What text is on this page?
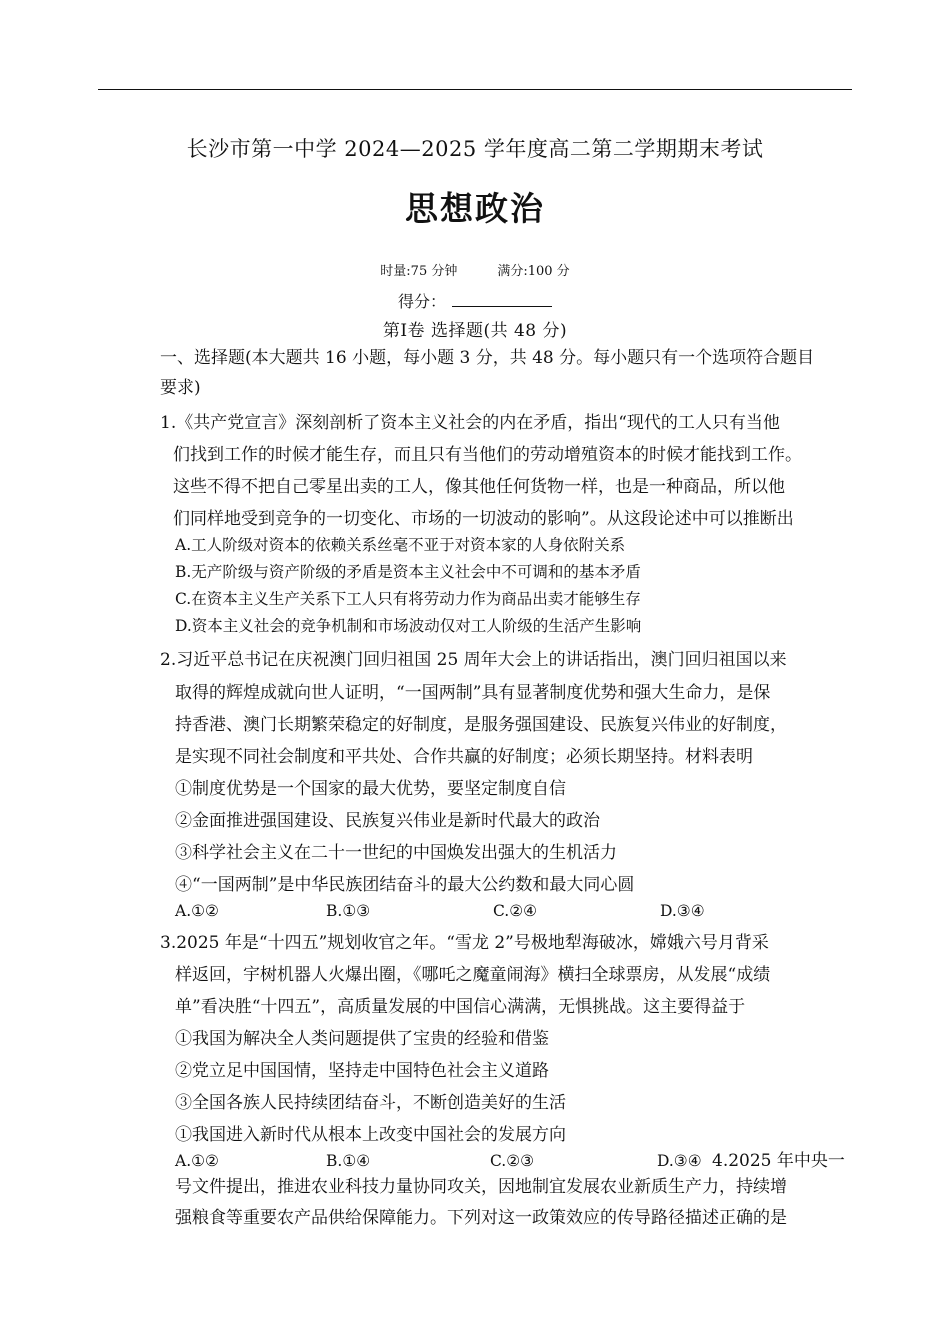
长沙市第一中学 2024—2025 学年度高二第二学期期末考试
思想政治
时量:75 分钟	满分:100 分
得分：
第Ⅰ卷 选择题(共 48 分)
一、选择题(本大题共 16 小题，每小题 3 分，共 48 分。每小题只有一个选项符合题目
要求)
1.《共产党宣言》深刻剖析了资本主义社会的内在矛盾，指出“现代的工人只有当他
们找到工作的时候才能生存，而且只有当他们的劳动增殖资本的时候才能找到工作。
这些不得不把自己零星出卖的工人，像其他任何货物一样，也是一种商品，所以他
们同样地受到竞争的一切变化、市场的一切波动的影响”。从这段论述中可以推断出
A.工人阶级对资本的依赖关系丝毫不亚于对资本家的人身依附关系
B.无产阶级与资产阶级的矛盾是资本主义社会中不可调和的基本矛盾
C.在资本主义生产关系下工人只有将劳动力作为商品出卖才能够生存
D.资本主义社会的竞争机制和市场波动仅对工人阶级的生活产生影响
2.习近平总书记在庆祝澳门回归祖国 25 周年大会上的讲话指出，澳门回归祖国以来
取得的辉煌成就向世人证明，“一国两制”具有显著制度优势和强大生命力，是保
持香港、澳门长期繁荣稳定的好制度，是服务强国建设、民族复兴伟业的好制度，
是实现不同社会制度和平共处、合作共赢的好制度；必须长期坚持。材料表明
①制度优势是一个国家的最大优势，要坚定制度自信
②金面推进强国建设、民族复兴伟业是新时代最大的政治
③科学社会主义在二十一世纪的中国焕发出强大的生机活力
④“一国两制”是中华民族团结奋斗的最大公约数和最大同心圆
A.①②	B.①③	C.②④	D.③④
3.2025 年是“十四五”规划收官之年。“雪龙 2”号极地犁海破冰，嫦娥六号月背采
样返回，宇树机器人火爆出圈，《哪吒之魔童闹海》横扫全球票房，从发展“成绩
单”看决胜“十四五”，高质量发展的中国信心满满，无惧挑战。这主要得益于
①我国为解决全人类问题提供了宝贵的经验和借鉴
②党立足中国国情，坚持走中国特色社会主义道路
③全国各族人民持续团结奋斗，不断创造美好的生活
①我国进入新时代从根本上改变中国社会的发展方向
A.①②	B.①④	C.②③	D.③④ 4.2025 年中央一
号文件提出，推进农业科技力量协同攻关，因地制宜发展农业新质生产力，持续增
强粮食等重要农产品供给保障能力。下列对这一政策效应的传导路径描述正确的是
